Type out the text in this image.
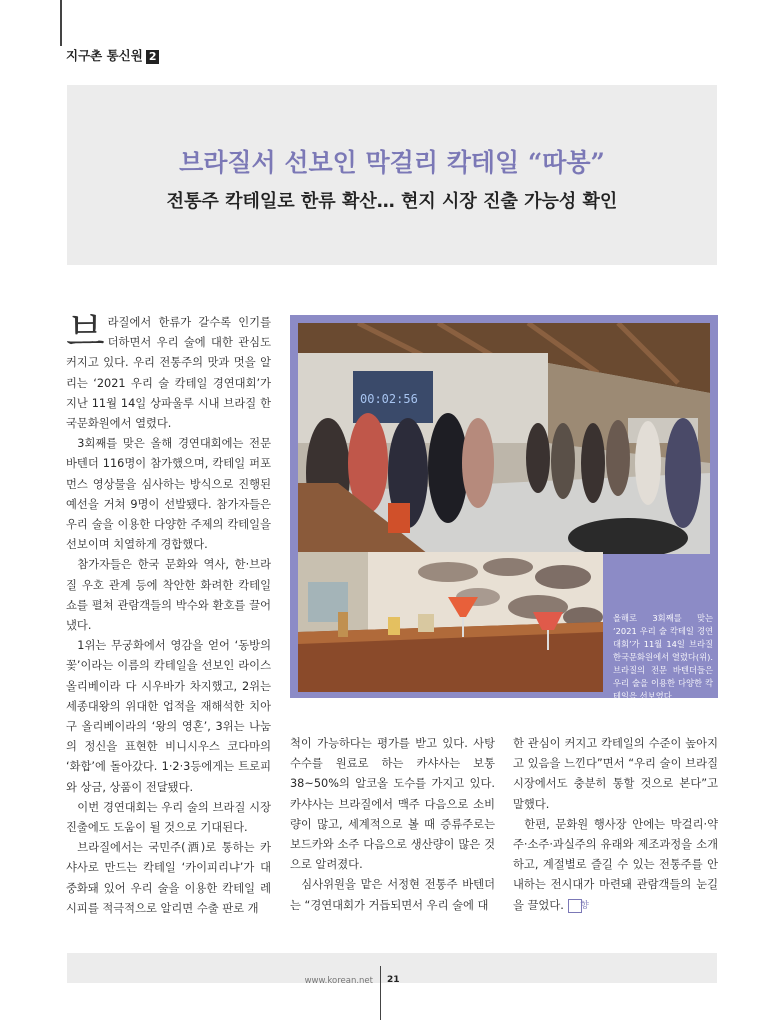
지구촌 통신원 2
브라질서 선보인 막걸리 칵테일 “따봉”
전통주 칵테일로 한류 확산… 현지 시장 진출 가능성 확인

브라질에서 한류가 갈수록 인기를 더하면서 우리 술에 대한 관심도 커지고 있다. 우리 전통주의 맛과 멋을 알리는 ‘2021 우리 술 칵테일 경연대회’가 지난 11월 14일 상파울루 시내 브라질 한국문화원에서 열렸다.

3회째를 맞은 올해 경연대회에는 전문 바텐더 116명이 참가했으며, 칵테일 퍼포먼스 영상물을 심사하는 방식으로 진행된 예선을 거쳐 9명이 선발됐다. 참가자들은 우리 술을 이용한 다양한 주제의 칵테일을 선보이며 치열하게 경합했다.

참가자들은 한국 문화와 역사, 한·브라질 우호 관계 등에 착안한 화려한 칵테일 쇼를 펼쳐 관람객들의 박수와 환호를 끌어냈다.

1위는 무궁화에서 영감을 얻어 ‘동방의 꽃’이라는 이름의 칵테일을 선보인 라이스 올리베이라 다 시우바가 차지했고, 2위는 세종대왕의 위대한 업적을 재해석한 치아구 올리베이라의 ‘왕의 영혼’, 3위는 나눔의 정신을 표현한 비니시우스 코다마의 ‘화합’에 돌아갔다. 1·2·3등에게는 트로피와 상금, 상품이 전달됐다.

이번 경연대회는 우리 술의 브라질 시장 진출에도 도움이 될 것으로 기대된다.

브라질에서는 국민주(酒)로 통하는 카샤사로 만드는 칵테일 ‘카이피리냐’가 대중화돼 있어 우리 술을 이용한 칵테일 레시피를 적극적으로 알리면 수출 판로 개

00:02:56
올해로 3회째를 맞는 ‘2021 우리 술 칵테일 경연대회’가 11월 14일 브라질 한국문화원에서 열렸다(위). 브라질의 전문 바텐더들은 우리 술을 이용한 다양한 칵테일을 선보였다.

척이 가능하다는 평가를 받고 있다. 사탕수수를 원료로 하는 카샤사는 보통 38~50%의 알코올 도수를 가지고 있다. 카샤사는 브라질에서 맥주 다음으로 소비량이 많고, 세계적으로 볼 때 증류주로는 보드카와 소주 다음으로 생산량이 많은 것으로 알려졌다.

심사위원을 맡은 서정현 전통주 바텐더는 “경연대회가 거듭되면서 우리 술에 대

한 관심이 커지고 칵테일의 수준이 높아지고 있음을 느낀다”면서 “우리 술이 브라질 시장에서도 충분히 통할 것으로 본다”고 말했다.

한편, 문화원 행사장 안에는 막걸리·약주·소주·과실주의 유래와 제조과정을 소개하고, 계절별로 즐길 수 있는 전통주를 안내하는 전시대가 마련돼 관람객들의 눈길을 끌었다. 향

www.korean.net 21
